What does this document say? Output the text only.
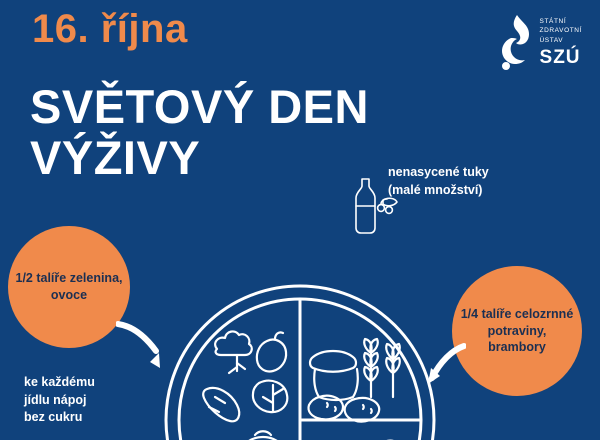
16. října
SVĚTOVÝ DEN
VÝŽIVY
STÁTNÍ
ZDRAVOTNÍ
ÚSTAV
SZÚ
nenasycené tuky
(malé množství)
1/2 talíře zelenina, ovoce
1/4 talíře celozrnné potraviny, brambory
ke každému
jídlu nápoj
bez cukru
